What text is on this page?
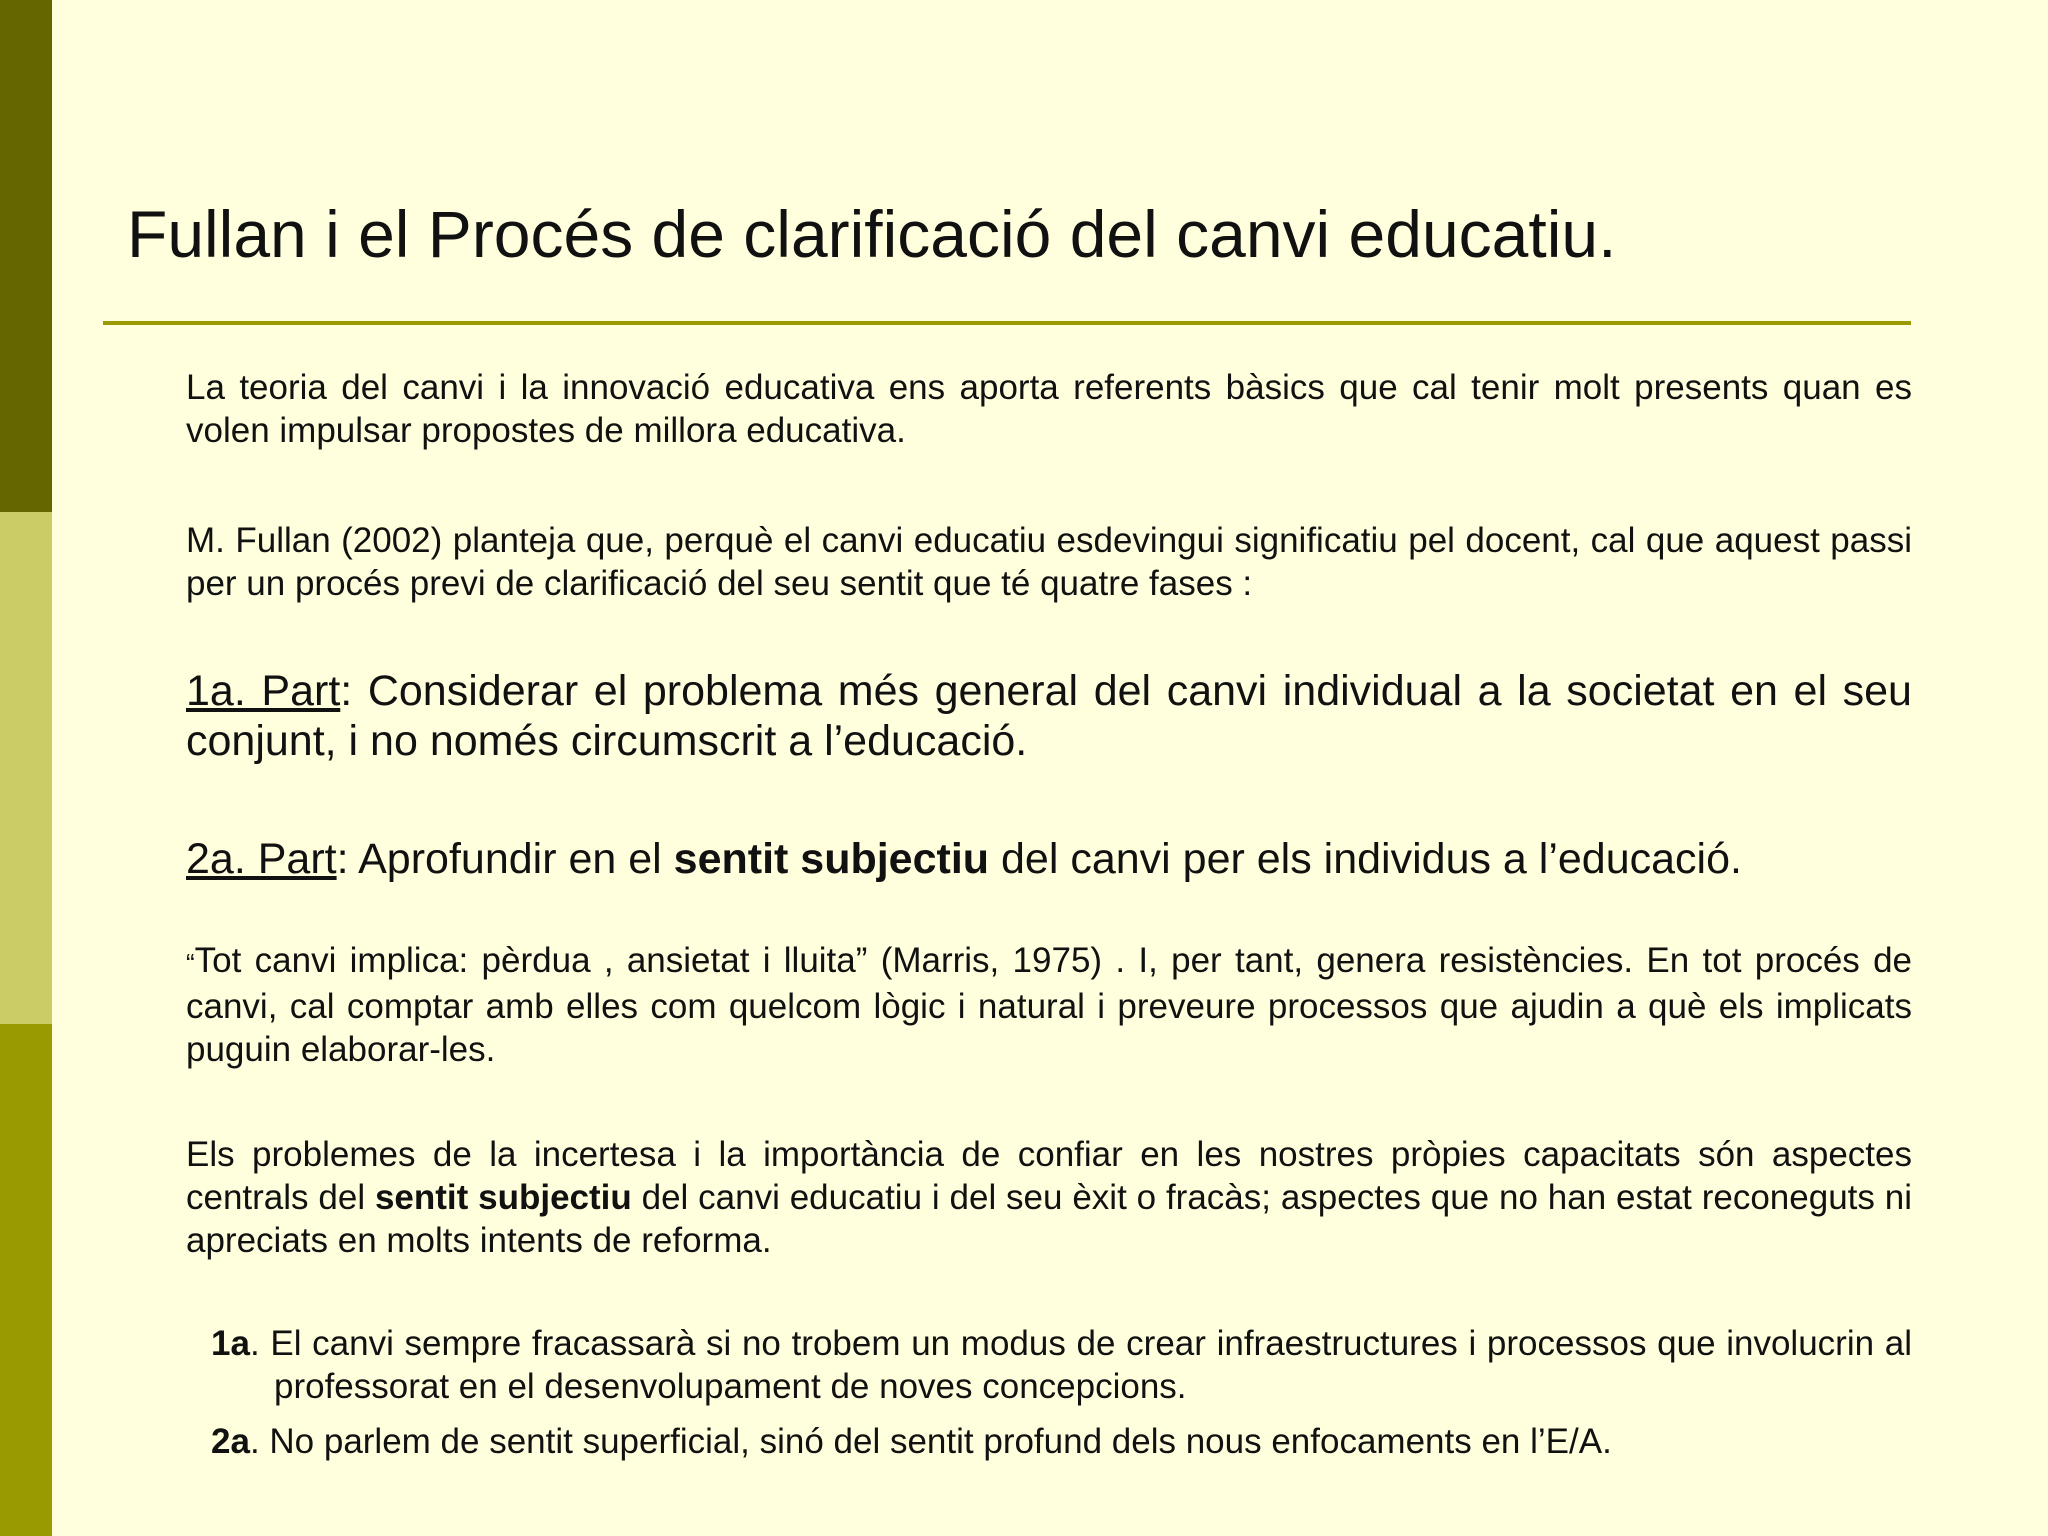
Fullan i el Procés de clarificació del canvi educatiu.

La teoria del canvi i la innovació educativa ens aporta referents bàsics que cal tenir molt presents quan es volen impulsar propostes de millora educativa.

M. Fullan (2002) planteja que, perquè el canvi educatiu esdevingui significatiu pel docent, cal que aquest passi per un procés previ de clarificació del seu sentit que té quatre fases :

1a. Part: Considerar el problema més general del canvi individual a la societat en el seu conjunt, i no només circumscrit a l’educació.

2a. Part: Aprofundir en el sentit subjectiu del canvi per els individus a l’educació.

“Tot canvi implica: pèrdua , ansietat i lluita” (Marris, 1975) . I, per tant, genera resistències. En tot procés de canvi, cal comptar amb elles com quelcom lògic i natural i preveure processos que ajudin a què els implicats puguin elaborar-les.

Els problemes de la incertesa i la importància de confiar en les nostres pròpies capacitats són aspectes centrals del sentit subjectiu del canvi educatiu i del seu èxit o fracàs; aspectes que no han estat reconeguts ni apreciats en molts intents de reforma.

1a. El canvi sempre fracassarà si no trobem un modus de crear infraestructures i processos que involucrin al professorat en el desenvolupament de noves concepcions.
2a. No parlem de sentit superficial, sinó del sentit profund dels nous enfocaments en l’E/A.
